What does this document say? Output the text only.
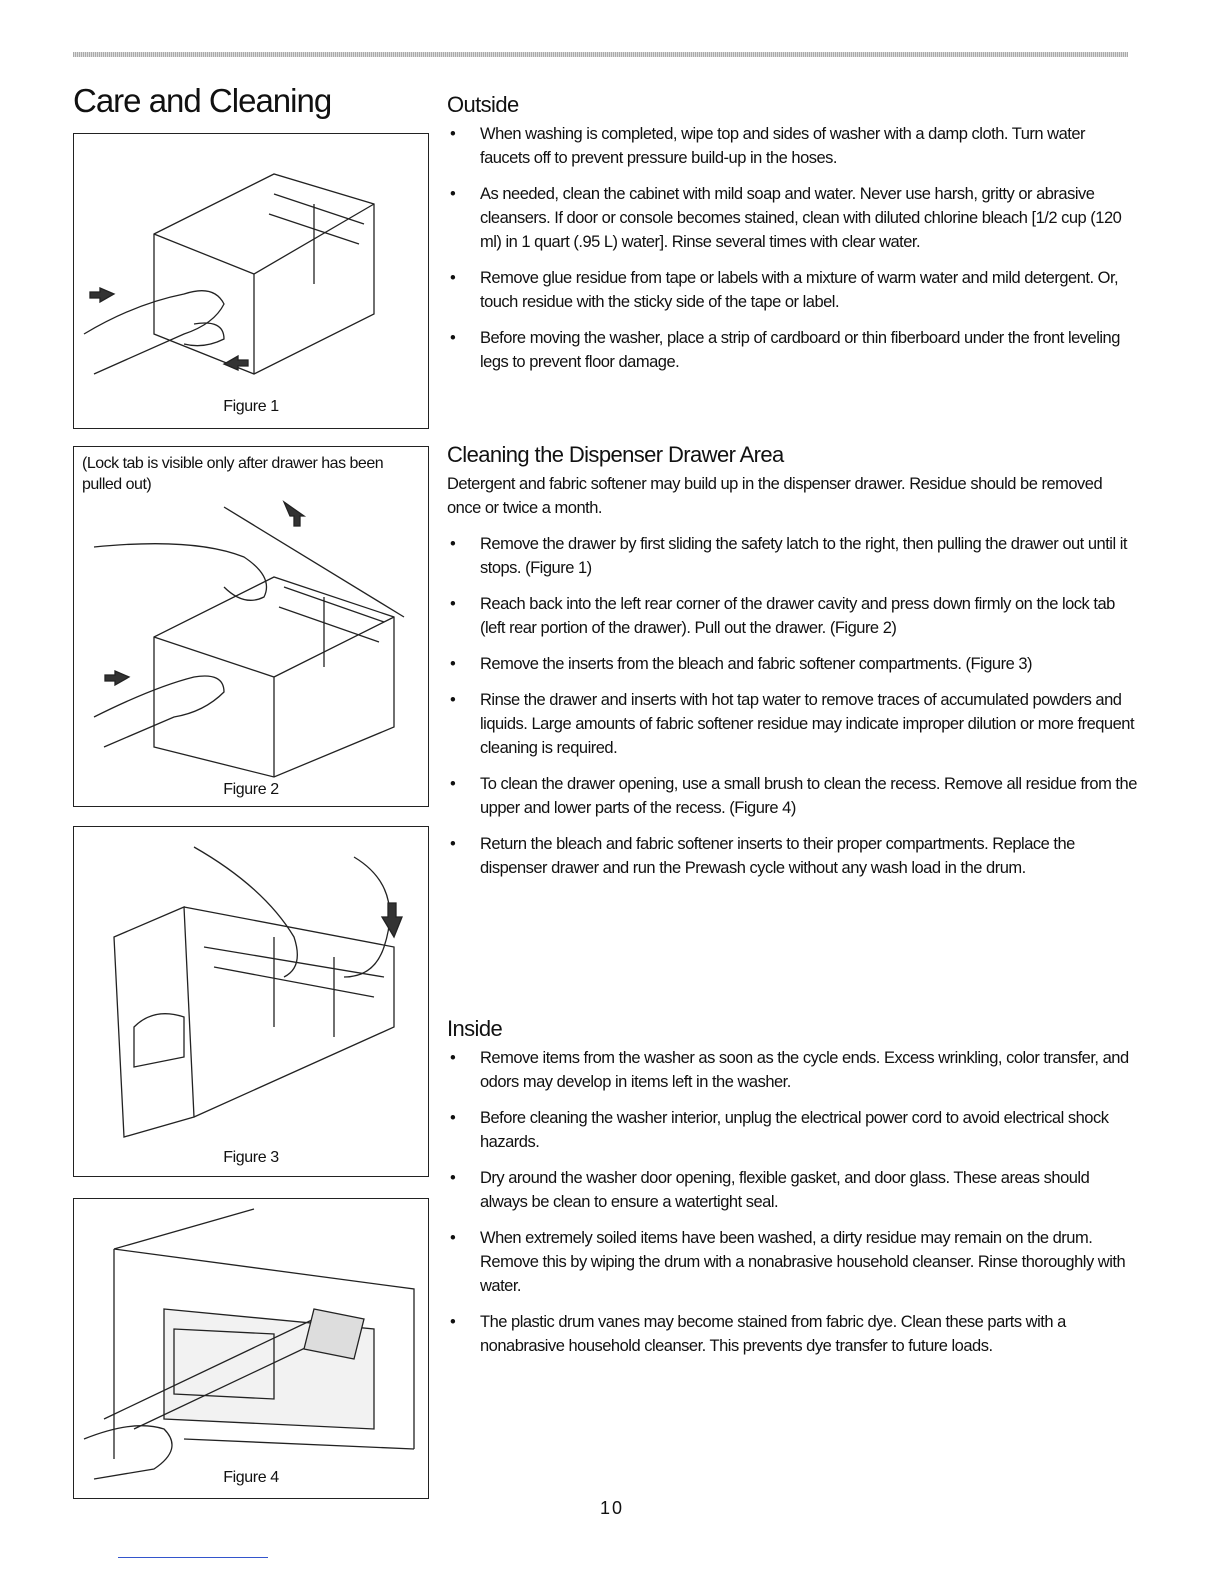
Care and Cleaning
Figure 1
(Lock tab is visible only after drawer has been pulled out)
Figure 2
Figure 3
Figure 4
Outside
• When washing is completed, wipe top and sides of washer with a damp cloth. Turn water faucets off to prevent pressure build-up in the hoses.
• As needed, clean the cabinet with mild soap and water. Never use harsh, gritty or abrasive cleansers. If door or console becomes stained, clean with diluted chlorine bleach [1/2 cup (120 ml) in 1 quart (.95 L) water]. Rinse several times with clear water.
• Remove glue residue from tape or labels with a mixture of warm water and mild detergent. Or, touch residue with the sticky side of the tape or label.
• Before moving the washer, place a strip of cardboard or thin fiberboard under the front leveling legs to prevent floor damage.
Cleaning the Dispenser Drawer Area

Detergent and fabric softener may build up in the dispenser drawer. Residue should be removed once or twice a month.

• Remove the drawer by first sliding the safety latch to the right, then pulling the drawer out until it stops. (Figure 1)
• Reach back into the left rear corner of the drawer cavity and press down firmly on the lock tab (left rear portion of the drawer). Pull out the drawer. (Figure 2)
• Remove the inserts from the bleach and fabric softener compartments. (Figure 3)
• Rinse the drawer and inserts with hot tap water to remove traces of accumulated powders and liquids. Large amounts of fabric softener residue may indicate improper dilution or more frequent cleaning is required.
• To clean the drawer opening, use a small brush to clean the recess. Remove all residue from the upper and lower parts of the recess. (Figure 4)
• Return the bleach and fabric softener inserts to their proper compartments. Replace the dispenser drawer and run the Prewash cycle without any wash load in the drum.
Inside
• Remove items from the washer as soon as the cycle ends. Excess wrinkling, color transfer, and odors may develop in items left in the washer.
• Before cleaning the washer interior, unplug the electrical power cord to avoid electrical shock hazards.
• Dry around the washer door opening, flexible gasket, and door glass. These areas should always be clean to ensure a watertight seal.
• When extremely soiled items have been washed, a dirty residue may remain on the drum. Remove this by wiping the drum with a nonabrasive household cleanser. Rinse thoroughly with water.
• The plastic drum vanes may become stained from fabric dye. Clean these parts with a nonabrasive household cleanser. This prevents dye transfer to future loads.
10
